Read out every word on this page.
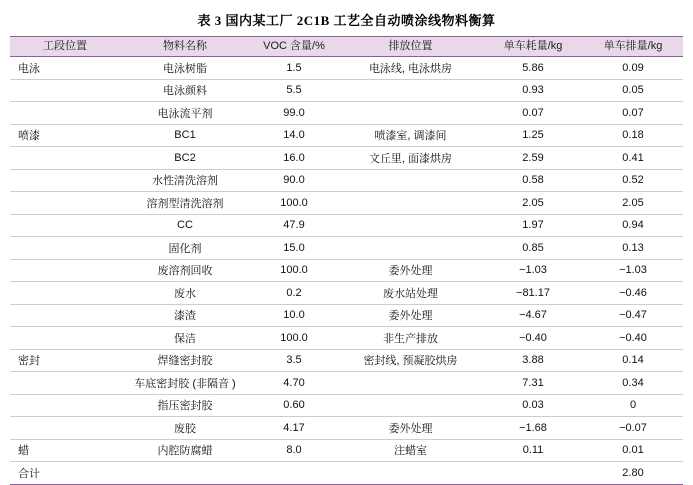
表 3 国内某工厂 2C1B 工艺全自动喷涂线物料衡算
工段位置	物料名称	VOC 含量/%	排放位置	单车耗量/kg	单车排量/kg
电泳	电泳树脂	1.5	电泳线, 电泳烘房	5.86	0.09
	电泳颜料	5.5		0.93	0.05
	电泳流平剂	99.0		0.07	0.07
喷漆	BC1	14.0	喷漆室, 调漆间	1.25	0.18
	BC2	16.0	文丘里, 面漆烘房	2.59	0.41
	水性清洗溶剂	90.0		0.58	0.52
	溶剂型清洗溶剂	100.0		2.05	2.05
	CC	47.9		1.97	0.94
	固化剂	15.0		0.85	0.13
	废溶剂回收	100.0	委外处理	−1.03	−1.03
	废水	0.2	废水站处理	−81.17	−0.46
	漆渣	10.0	委外处理	−4.67	−0.47
	保洁	100.0	非生产排放	−0.40	−0.40
密封	焊缝密封胶	3.5	密封线, 预凝胶烘房	3.88	0.14
	车底密封胶 (非隔音 )	4.70		7.31	0.34
	指压密封胶	0.60		0.03	0
	废胶	4.17	委外处理	−1.68	−0.07
蜡	内腔防腐蜡	8.0	注蜡室	0.11	0.01
合计					2.80
